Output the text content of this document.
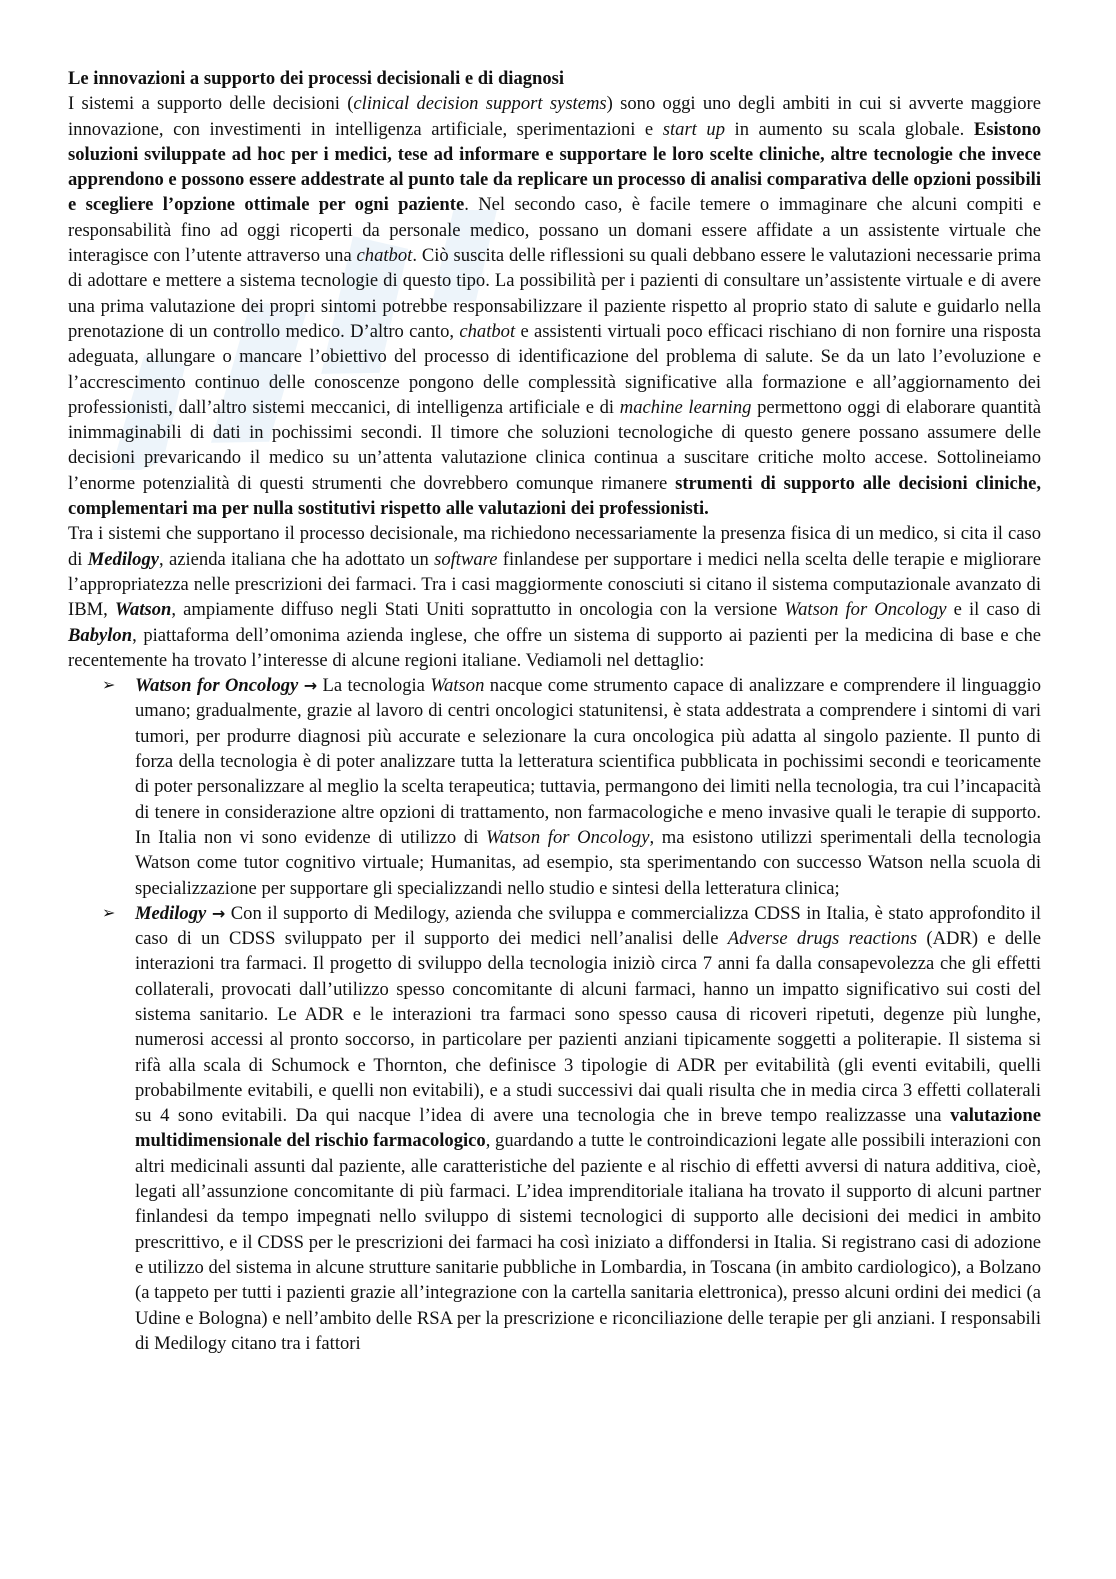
Le innovazioni a supporto dei processi decisionali e di diagnosi

I sistemi a supporto delle decisioni (clinical decision support systems) sono oggi uno degli ambiti in cui si avverte maggiore innovazione, con investimenti in intelligenza artificiale, sperimentazioni e start up in aumento su scala globale. Esistono soluzioni sviluppate ad hoc per i medici, tese ad informare e supportare le loro scelte cliniche, altre tecnologie che invece apprendono e possono essere addestrate al punto tale da replicare un processo di analisi comparativa delle opzioni possibili e scegliere l’opzione ottimale per ogni paziente. Nel secondo caso, è facile temere o immaginare che alcuni compiti e responsabilità fino ad oggi ricoperti da personale medico, possano un domani essere affidate a un assistente virtuale che interagisce con l’utente attraverso una chatbot. Ciò suscita delle riflessioni su quali debbano essere le valutazioni necessarie prima di adottare e mettere a sistema tecnologie di questo tipo. La possibilità per i pazienti di consultare un’assistente virtuale e di avere una prima valutazione dei propri sintomi potrebbe responsabilizzare il paziente rispetto al proprio stato di salute e guidarlo nella prenotazione di un controllo medico. D’altro canto, chatbot e assistenti virtuali poco efficaci rischiano di non fornire una risposta adeguata, allungare o mancare l’obiettivo del processo di identificazione del problema di salute. Se da un lato l’evoluzione e l’accrescimento continuo delle conoscenze pongono delle complessità significative alla formazione e all’aggiornamento dei professionisti, dall’altro sistemi meccanici, di intelligenza artificiale e di machine learning permettono oggi di elaborare quantità inimmaginabili di dati in pochissimi secondi. Il timore che soluzioni tecnologiche di questo genere possano assumere delle decisioni prevaricando il medico su un’attenta valutazione clinica continua a suscitare critiche molto accese. Sottolineiamo l’enorme potenzialità di questi strumenti che dovrebbero comunque rimanere strumenti di supporto alle decisioni cliniche, complementari ma per nulla sostitutivi rispetto alle valutazioni dei professionisti.

Tra i sistemi che supportano il processo decisionale, ma richiedono necessariamente la presenza fisica di un medico, si cita il caso di Medilogy, azienda italiana che ha adottato un software finlandese per supportare i medici nella scelta delle terapie e migliorare l’appropriatezza nelle prescrizioni dei farmaci. Tra i casi maggiormente conosciuti si citano il sistema computazionale avanzato di IBM, Watson, ampiamente diffuso negli Stati Uniti soprattutto in oncologia con la versione Watson for Oncology e il caso di Babylon, piattaforma dell’omonima azienda inglese, che offre un sistema di supporto ai pazienti per la medicina di base e che recentemente ha trovato l’interesse di alcune regioni italiane. Vediamoli nel dettaglio:

➢ Watson for Oncology → La tecnologia Watson nacque come strumento capace di analizzare e comprendere il linguaggio umano; gradualmente, grazie al lavoro di centri oncologici statunitensi, è stata addestrata a comprendere i sintomi di vari tumori, per produrre diagnosi più accurate e selezionare la cura oncologica più adatta al singolo paziente. Il punto di forza della tecnologia è di poter analizzare tutta la letteratura scientifica pubblicata in pochissimi secondi e teoricamente di poter personalizzare al meglio la scelta terapeutica; tuttavia, permangono dei limiti nella tecnologia, tra cui l’incapacità di tenere in considerazione altre opzioni di trattamento, non farmacologiche e meno invasive quali le terapie di supporto. In Italia non vi sono evidenze di utilizzo di Watson for Oncology, ma esistono utilizzi sperimentali della tecnologia Watson come tutor cognitivo virtuale; Humanitas, ad esempio, sta sperimentando con successo Watson nella scuola di specializzazione per supportare gli specializzandi nello studio e sintesi della letteratura clinica;
➢ Medilogy → Con il supporto di Medilogy, azienda che sviluppa e commercializza CDSS in Italia, è stato approfondito il caso di un CDSS sviluppato per il supporto dei medici nell’analisi delle Adverse drugs reactions (ADR) e delle interazioni tra farmaci. Il progetto di sviluppo della tecnologia iniziò circa 7 anni fa dalla consapevolezza che gli effetti collaterali, provocati dall’utilizzo spesso concomitante di alcuni farmaci, hanno un impatto significativo sui costi del sistema sanitario. Le ADR e le interazioni tra farmaci sono spesso causa di ricoveri ripetuti, degenze più lunghe, numerosi accessi al pronto soccorso, in particolare per pazienti anziani tipicamente soggetti a politerapie. Il sistema si rifà alla scala di Schumock e Thornton, che definisce 3 tipologie di ADR per evitabilità (gli eventi evitabili, quelli probabilmente evitabili, e quelli non evitabili), e a studi successivi dai quali risulta che in media circa 3 effetti collaterali su 4 sono evitabili. Da qui nacque l’idea di avere una tecnologia che in breve tempo realizzasse una valutazione multidimensionale del rischio farmacologico, guardando a tutte le controindicazioni legate alle possibili interazioni con altri medicinali assunti dal paziente, alle caratteristiche del paziente e al rischio di effetti avversi di natura additiva, cioè, legati all’assunzione concomitante di più farmaci. L’idea imprenditoriale italiana ha trovato il supporto di alcuni partner finlandesi da tempo impegnati nello sviluppo di sistemi tecnologici di supporto alle decisioni dei medici in ambito prescrittivo, e il CDSS per le prescrizioni dei farmaci ha così iniziato a diffondersi in Italia. Si registrano casi di adozione e utilizzo del sistema in alcune strutture sanitarie pubbliche in Lombardia, in Toscana (in ambito cardiologico), a Bolzano (a tappeto per tutti i pazienti grazie all’integrazione con la cartella sanitaria elettronica), presso alcuni ordini dei medici (a Udine e Bologna) e nell’ambito delle RSA per la prescrizione e riconciliazione delle terapie per gli anziani. I responsabili di Medilogy citano tra i fattori
